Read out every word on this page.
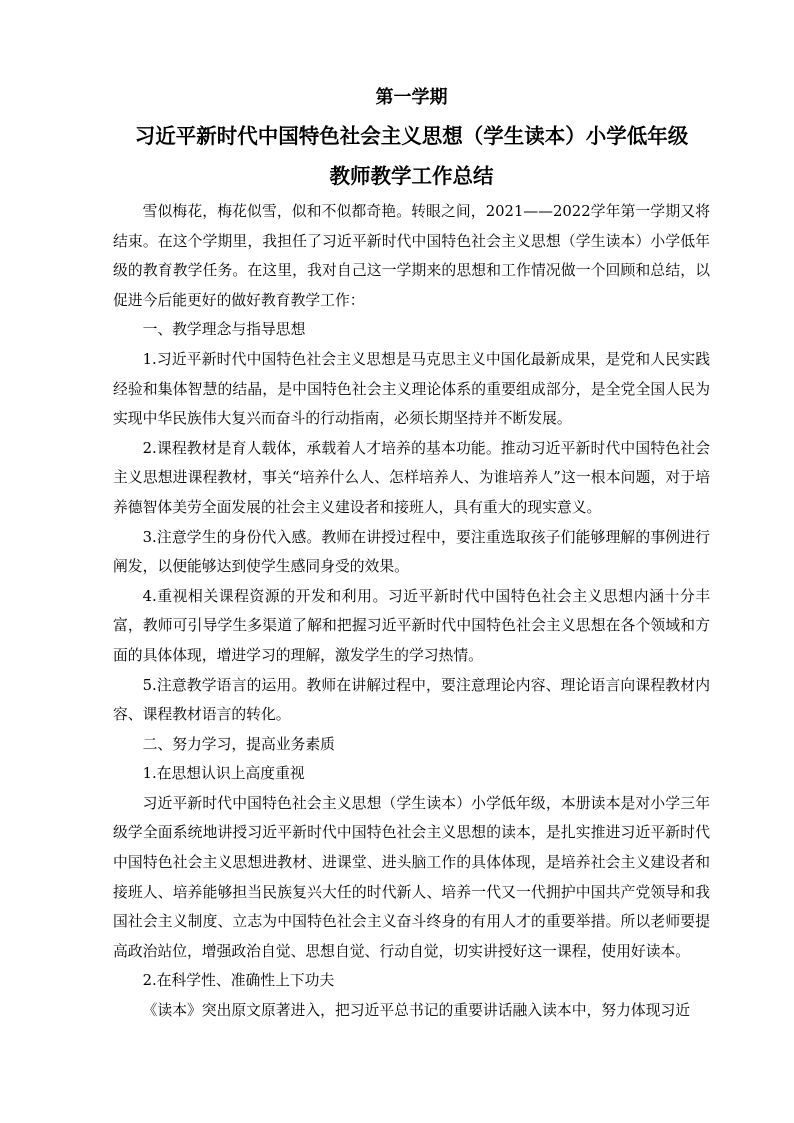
第一学期
习近平新时代中国特色社会主义思想（学生读本）小学低年级
教师教学工作总结

雪似梅花，梅花似雪，似和不似都奇艳。转眼之间，2021——2022学年第一学期又将结束。在这个学期里，我担任了习近平新时代中国特色社会主义思想（学生读本）小学低年级的教育教学任务。在这里，我对自己这一学期来的思想和工作情况做一个回顾和总结，以促进今后能更好的做好教育教学工作：

一、教学理念与指导思想

1.习近平新时代中国特色社会主义思想是马克思主义中国化最新成果，是党和人民实践经验和集体智慧的结晶，是中国特色社会主义理论体系的重要组成部分，是全党全国人民为实现中华民族伟大复兴而奋斗的行动指南，必须长期坚持并不断发展。

2.课程教材是育人载体，承载着人才培养的基本功能。推动习近平新时代中国特色社会主义思想进课程教材，事关“培养什么人、怎样培养人、为谁培养人”这一根本问题，对于培养德智体美劳全面发展的社会主义建设者和接班人，具有重大的现实意义。

3.注意学生的身份代入感。教师在讲授过程中，要注重选取孩子们能够理解的事例进行阐发，以便能够达到使学生感同身受的效果。

4.重视相关课程资源的开发和利用。习近平新时代中国特色社会主义思想内涵十分丰富，教师可引导学生多渠道了解和把握习近平新时代中国特色社会主义思想在各个领域和方面的具体体现，增进学习的理解，激发学生的学习热情。

5.注意教学语言的运用。教师在讲解过程中，要注意理论内容、理论语言向课程教材内容、课程教材语言的转化。

二、努力学习，提高业务素质

1.在思想认识上高度重视

习近平新时代中国特色社会主义思想（学生读本）小学低年级，本册读本是对小学三年级学全面系统地讲授习近平新时代中国特色社会主义思想的读本，是扎实推进习近平新时代中国特色社会主义思想进教材、进课堂、进头脑工作的具体体现，是培养社会主义建设者和接班人、培养能够担当民族复兴大任的时代新人、培养一代又一代拥护中国共产党领导和我国社会主义制度、立志为中国特色社会主义奋斗终身的有用人才的重要举措。所以老师要提高政治站位，增强政治自觉、思想自觉、行动自觉，切实讲授好这一课程，使用好读本。

2.在科学性、准确性上下功夫

《读本》突出原文原著进入，把习近平总书记的重要讲话融入读本中，努力体现习近
